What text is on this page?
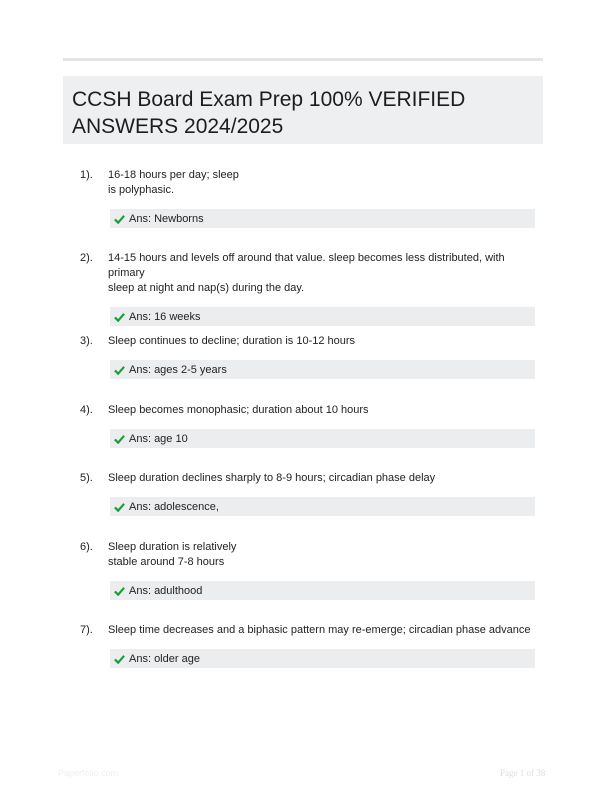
CCSH Board Exam Prep 100% VERIFIED
ANSWERS 2024/2025
1). 16-18 hours per day; sleep
is polyphasic.
Ans: Newborns
2). 14-15 hours and levels off around that value. sleep becomes less distributed, with primary
sleep at night and nap(s) during the day.
Ans: 16 weeks
3). Sleep continues to decline; duration is 10-12 hours
Ans: ages 2-5 years
4). Sleep becomes monophasic; duration about 10 hours
Ans: age 10
5). Sleep duration declines sharply to 8-9 hours; circadian phase delay
Ans: adolescence,
6). Sleep duration is relatively
stable around 7-8 hours
Ans: adulthood
7). Sleep time decreases and a biphasic pattern may re-emerge; circadian phase advance
Ans: older age
Paperfolio.com	Page 1 of 38
